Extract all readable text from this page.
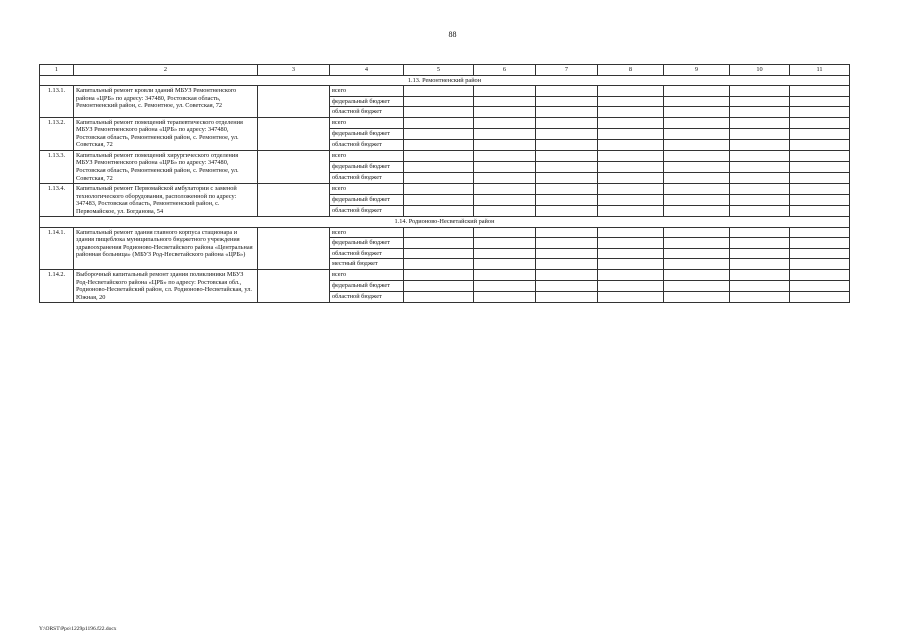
88
1	2	3	4	5	6	7	8	9	10	11
1.13. Ремонтненский район										
1.13.1.	Капитальный ремонт кровли зданий МБУЗ Ремонтненского района «ЦРБ» по адресу: 347480, Ростовская область, Ремонтненский район, с. Ремонтное, ул. Советская, 72		всего							
			федеральный бюджет							
			областной бюджет							
1.13.2.	Капитальный ремонт помещений терапевтического отделения МБУЗ Ремонтненского района «ЦРБ» по адресу: 347480, Ростовская область, Ремонтненский район, с. Ремонтное, ул. Советская, 72		всего							
			федеральный бюджет							
			областной бюджет							
1.13.3.	Капитальный ремонт помещений хирургического отделения МБУЗ Ремонтненского района «ЦРБ» по адресу: 347480, Ростовская область, Ремонтненский район, с. Ремонтное, ул. Советская, 72		всего							
			федеральный бюджет							
			областной бюджет							
1.13.4.	Капитальный ремонт Первомайской амбулатории с заменой технологического оборудования, расположенной по адресу: 347483, Ростовская область, Ремонтненский район, с. Первомайское, ул. Богданова, 54		всего							
			федеральный бюджет							
			областной бюджет							
1.14. Родионово-Несветайский район										
1.14.1.	Капитальный ремонт здания главного корпуса стационара и здания пищеблока муниципального бюджетного учреждения здравоохранения Родионово-Несветайского района «Центральная районная больница» (МБУЗ Род-Несветайского района «ЦРБ»)		всего							
			федеральный бюджет							
			областной бюджет							
			местный бюджет							
1.14.2.	Выборочный капитальный ремонт здания поликлиники МБУЗ Род-Несветайского района «ЦРБ» по адресу: Ростовская обл., Родионово-Несветайский район, сл. Родионово-Несветайская, ул. Южная, 20		всего							
			федеральный бюджет							
			областной бюджет							
Y:\ORST\Ppo\1229p1196.f22.docx
